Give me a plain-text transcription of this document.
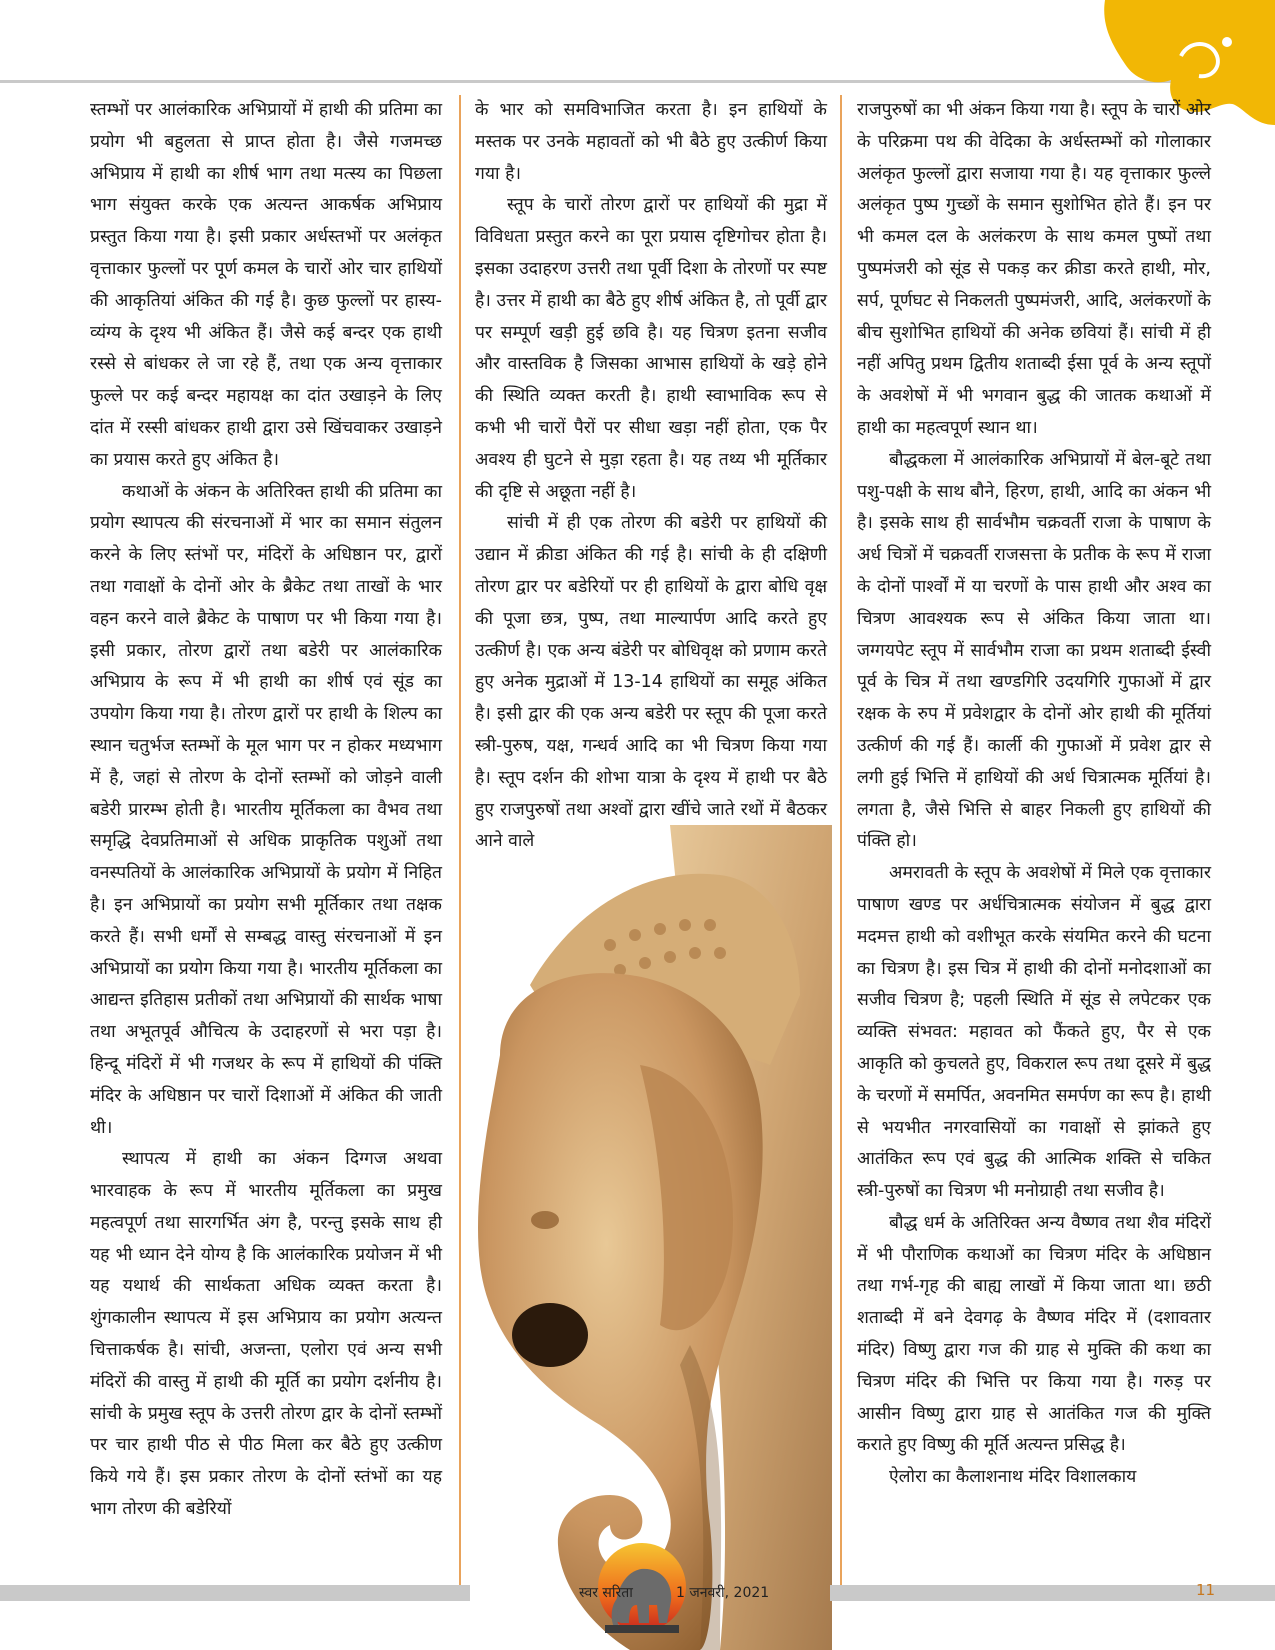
स्तम्भों पर आलंकारिक अभिप्रायों में हाथी की प्रतिमा का प्रयोग भी बहुलता से प्राप्त होता है। जैसे गजमच्छ अभिप्राय में हाथी का शीर्ष भाग तथा मत्स्य का पिछला भाग संयुक्त करके एक अत्यन्त आकर्षक अभिप्राय प्रस्तुत किया गया है। इसी प्रकार अर्धस्तभों पर अलंकृत वृत्ताकार फुल्लों पर पूर्ण कमल के चारों ओर चार हाथियों की आकृतियां अंकित की गई है। कुछ फुल्लों पर हास्य-व्यंग्य के दृश्य भी अंकित हैं। जैसे कई बन्दर एक हाथी रस्से से बांधकर ले जा रहे हैं, तथा एक अन्य वृत्ताकार फुल्ले पर कई बन्दर महायक्ष का दांत उखाड़ने के लिए दांत में रस्सी बांधकर हाथी द्वारा उसे खिंचवाकर उखाड़ने का प्रयास करते हुए अंकित है।

कथाओं के अंकन के अतिरिक्त हाथी की प्रतिमा का प्रयोग स्थापत्य की संरचनाओं में भार का समान संतुलन करने के लिए स्तंभों पर, मंदिरों के अधिष्ठान पर, द्वारों तथा गवाक्षों के दोनों ओर के ब्रैकेट तथा ताखों के भार वहन करने वाले ब्रैकेट के पाषाण पर भी किया गया है। इसी प्रकार, तोरण द्वारों तथा बडेरी पर आलंकारिक अभिप्राय के रूप में भी हाथी का शीर्ष एवं सूंड का उपयोग किया गया है। तोरण द्वारों पर हाथी के शिल्प का स्थान चतुर्भज स्तम्भों के मूल भाग पर न होकर मध्यभाग में है, जहां से तोरण के दोनों स्तम्भों को जोड़ने वाली बडेरी प्रारम्भ होती है। भारतीय मूर्तिकला का वैभव तथा समृद्धि देवप्रतिमाओं से अधिक प्राकृतिक पशुओं तथा वनस्पतियों के आलंकारिक अभिप्रायों के प्रयोग में निहित है। इन अभिप्रायों का प्रयोग सभी मूर्तिकार तथा तक्षक करते हैं। सभी धर्मों से सम्बद्ध वास्तु संरचनाओं में इन अभिप्रायों का प्रयोग किया गया है। भारतीय मूर्तिकला का आद्यन्त इतिहास प्रतीकों तथा अभिप्रायों की सार्थक भाषा तथा अभूतपूर्व औचित्य के उदाहरणों से भरा पड़ा है। हिन्दू मंदिरों में भी गजथर के रूप में हाथियों की पंक्ति मंदिर के अधिष्ठान पर चारों दिशाओं में अंकित की जाती थी।

स्थापत्य में हाथी का अंकन दिग्गज अथवा भारवाहक के रूप में भारतीय मूर्तिकला का प्रमुख महत्वपूर्ण तथा सारगर्भित अंग है, परन्तु इसके साथ ही यह भी ध्यान देने योग्य है कि आलंकारिक प्रयोजन में भी यह यथार्थ की सार्थकता अधिक व्यक्त करता है। शुंगकालीन स्थापत्य में इस अभिप्राय का प्रयोग अत्यन्त चित्ताकर्षक है। सांची, अजन्ता, एलोरा एवं अन्य सभी मंदिरों की वास्तु में हाथी की मूर्ति का प्रयोग दर्शनीय है। सांची के प्रमुख स्तूप के उत्तरी तोरण द्वार के दोनों स्तम्भों पर चार हाथी पीठ से पीठ मिला कर बैठे हुए उत्कीण किये गये हैं। इस प्रकार तोरण के दोनों स्तंभों का यह भाग तोरण की बडेरियों

के भार को समविभाजित करता है। इन हाथियों के मस्तक पर उनके महावतों को भी बैठे हुए उत्कीर्ण किया गया है।

स्तूप के चारों तोरण द्वारों पर हाथियों की मुद्रा में विविधता प्रस्तुत करने का पूरा प्रयास दृष्टिगोचर होता है। इसका उदाहरण उत्तरी तथा पूर्वी दिशा के तोरणों पर स्पष्ट है। उत्तर में हाथी का बैठे हुए शीर्ष अंकित है, तो पूर्वी द्वार पर सम्पूर्ण खड़ी हुई छवि है। यह चित्रण इतना सजीव और वास्तविक है जिसका आभास हाथियों के खड़े होने की स्थिति व्यक्त करती है। हाथी स्वाभाविक रूप से कभी भी चारों पैरों पर सीधा खड़ा नहीं होता, एक पैर अवश्य ही घुटने से मुड़ा रहता है। यह तथ्य भी मूर्तिकार की दृष्टि से अछूता नहीं है।

सांची में ही एक तोरण की बडेरी पर हाथियों की उद्यान में क्रीडा अंकित की गई है। सांची के ही दक्षिणी तोरण द्वार पर बडेरियों पर ही हाथियों के द्वारा बोधि वृक्ष की पूजा छत्र, पुष्प, तथा माल्यार्पण आदि करते हुए उत्कीर्ण है। एक अन्य बंडेरी पर बोधिवृक्ष को प्रणाम करते हुए अनेक मुद्राओं में 13-14 हाथियों का समूह अंकित है। इसी द्वार की एक अन्य बडेरी पर स्तूप की पूजा करते स्त्री-पुरुष, यक्ष, गन्धर्व आदि का भी चित्रण किया गया है। स्तूप दर्शन की शोभा यात्रा के दृश्य में हाथी पर बैठे हुए राजपुरुषों तथा अश्वों द्वारा खींचे जाते रथों में बैठकर आने वाले

राजपुरुषों का भी अंकन किया गया है। स्तूप के चारों ओर के परिक्रमा पथ की वेदिका के अर्धस्तम्भों को गोलाकार अलंकृत फुल्लों द्वारा सजाया गया है। यह वृत्ताकार फुल्ले अलंकृत पुष्प गुच्छों के समान सुशोभित होते हैं। इन पर भी कमल दल के अलंकरण के साथ कमल पुष्पों तथा पुष्पमंजरी को सूंड से पकड़ कर क्रीडा करते हाथी, मोर, सर्प, पूर्णघट से निकलती पुष्पमंजरी, आदि, अलंकरणों के बीच सुशोभित हाथियों की अनेक छवियां हैं। सांची में ही नहीं अपितु प्रथम द्वितीय शताब्दी ईसा पूर्व के अन्य स्तूपों के अवशेषों में भी भगवान बुद्ध की जातक कथाओं में हाथी का महत्वपूर्ण स्थान था।

बौद्धकला में आलंकारिक अभिप्रायों में बेल-बूटे तथा पशु-पक्षी के साथ बौने, हिरण, हाथी, आदि का अंकन भी है। इसके साथ ही सार्वभौम चक्रवर्ती राजा के पाषाण के अर्ध चित्रों में चक्रवर्ती राजसत्ता के प्रतीक के रूप में राजा के दोनों पार्श्वों में या चरणों के पास हाथी और अश्व का चित्रण आवश्यक रूप से अंकित किया जाता था। जग्गयपेट स्तूप में सार्वभौम राजा का प्रथम शताब्दी ईस्वी पूर्व के चित्र में तथा खण्डगिरि उदयगिरि गुफाओं में द्वार रक्षक के रुप में प्रवेशद्वार के दोनों ओर हाथी की मूर्तियां उत्कीर्ण की गई हैं। कार्ली की गुफाओं में प्रवेश द्वार से लगी हुई भित्ति में हाथियों की अर्ध चित्रात्मक मूर्तियां है। लगता है, जैसे भित्ति से बाहर निकली हुए हाथियों की पंक्ति हो।

अमरावती के स्तूप के अवशेषों में मिले एक वृत्ताकार पाषाण खण्ड पर अर्धचित्रात्मक संयोजन में बुद्ध द्वारा मदमत्त हाथी को वशीभूत करके संयमित करने की घटना का चित्रण है। इस चित्र में हाथी की दोनों मनोदशाओं का सजीव चित्रण है; पहली स्थिति में सूंड से लपेटकर एक व्यक्ति संभवत: महावत को फैंकते हुए, पैर से एक आकृति को कुचलते हुए, विकराल रूप तथा दूसरे में बुद्ध के चरणों में समर्पित, अवनमित समर्पण का रूप है। हाथी से भयभीत नगरवासियों का गवाक्षों से झांकते हुए आतंकित रूप एवं बुद्ध की आत्मिक शक्ति से चकित स्त्री-पुरुषों का चित्रण भी मनोग्राही तथा सजीव है।

बौद्ध धर्म के अतिरिक्त अन्य वैष्णव तथा शैव मंदिरों में भी पौराणिक कथाओं का चित्रण मंदिर के अधिष्ठान तथा गर्भ-गृह की बाह्य लाखों में किया जाता था। छठी शताब्दी में बने देवगढ़ के वैष्णव मंदिर में (दशावतार मंदिर) विष्णु द्वारा गज की ग्राह से मुक्ति की कथा का चित्रण मंदिर की भित्ति पर किया गया है। गरुड़ पर आसीन विष्णु द्वारा ग्राह से आतंकित गज की मुक्ति कराते हुए विष्णु की मूर्ति अत्यन्त प्रसिद्ध है।

ऐलोरा का कैलाशनाथ मंदिर विशालकाय

स्वर सरिता	1 जनवरी, 2021	11
